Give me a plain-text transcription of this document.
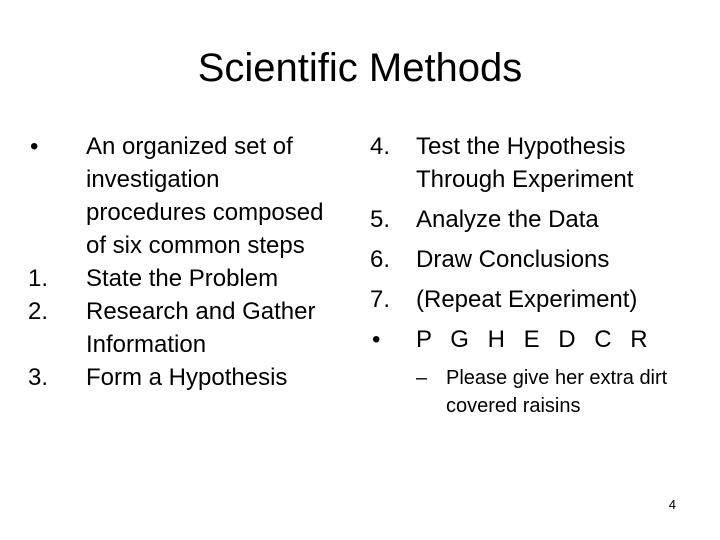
Scientific Methods
•	An organized set of investigation procedures composed of six common steps
1.	State the Problem
2.	Research and Gather Information
3.	Form a Hypothesis
4.	Test the Hypothesis Through Experiment
5.	Analyze the Data
6.	Draw Conclusions
7.	(Repeat Experiment)
•	P G H E D C R
– Please give her extra dirt covered raisins
4
